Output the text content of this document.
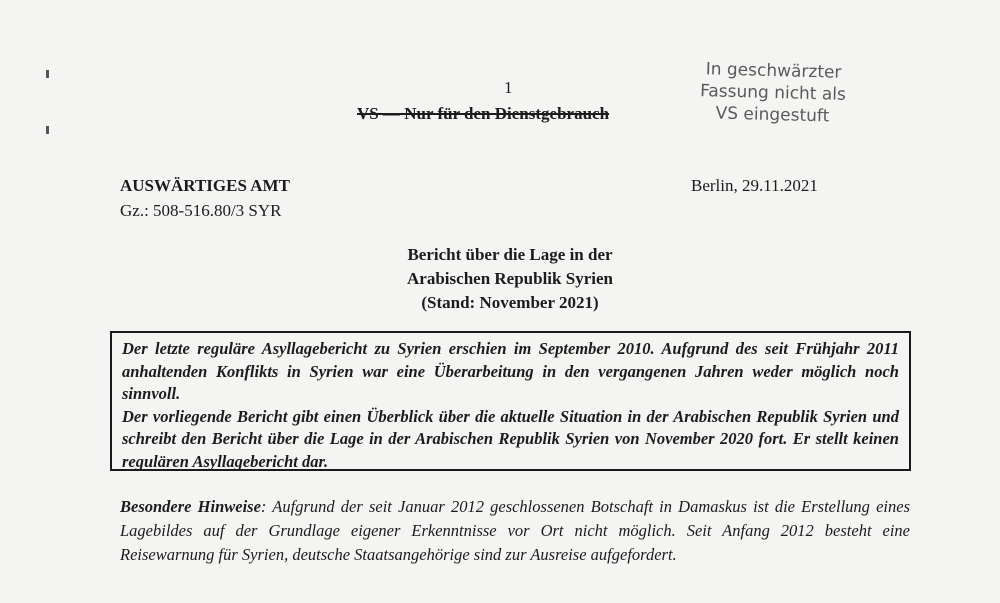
1
VS — Nur für den Dienstgebrauch
In geschwärzter
Fassung nicht als
VS eingestuft
AUSWÄRTIGES AMT
Gz.: 508-516.80/3 SYR
Berlin, 29.11.2021
Bericht über die Lage in der
Arabischen Republik Syrien
(Stand: November 2021)

Der letzte reguläre Asyllagebericht zu Syrien erschien im September 2010. Aufgrund des seit Frühjahr 2011 anhaltenden Konflikts in Syrien war eine Überarbeitung in den vergangenen Jahren weder möglich noch sinnvoll.

Der vorliegende Bericht gibt einen Überblick über die aktuelle Situation in der Arabischen Republik Syrien und schreibt den Bericht über die Lage in der Arabischen Republik Syrien von November 2020 fort. Er stellt keinen regulären Asyllagebericht dar.

Besondere Hinweise: Aufgrund der seit Januar 2012 geschlossenen Botschaft in Damaskus ist die Erstellung eines Lagebildes auf der Grundlage eigener Erkenntnisse vor Ort nicht möglich. Seit Anfang 2012 besteht eine Reisewarnung für Syrien, deutsche Staatsangehörige sind zur Ausreise aufgefordert.
